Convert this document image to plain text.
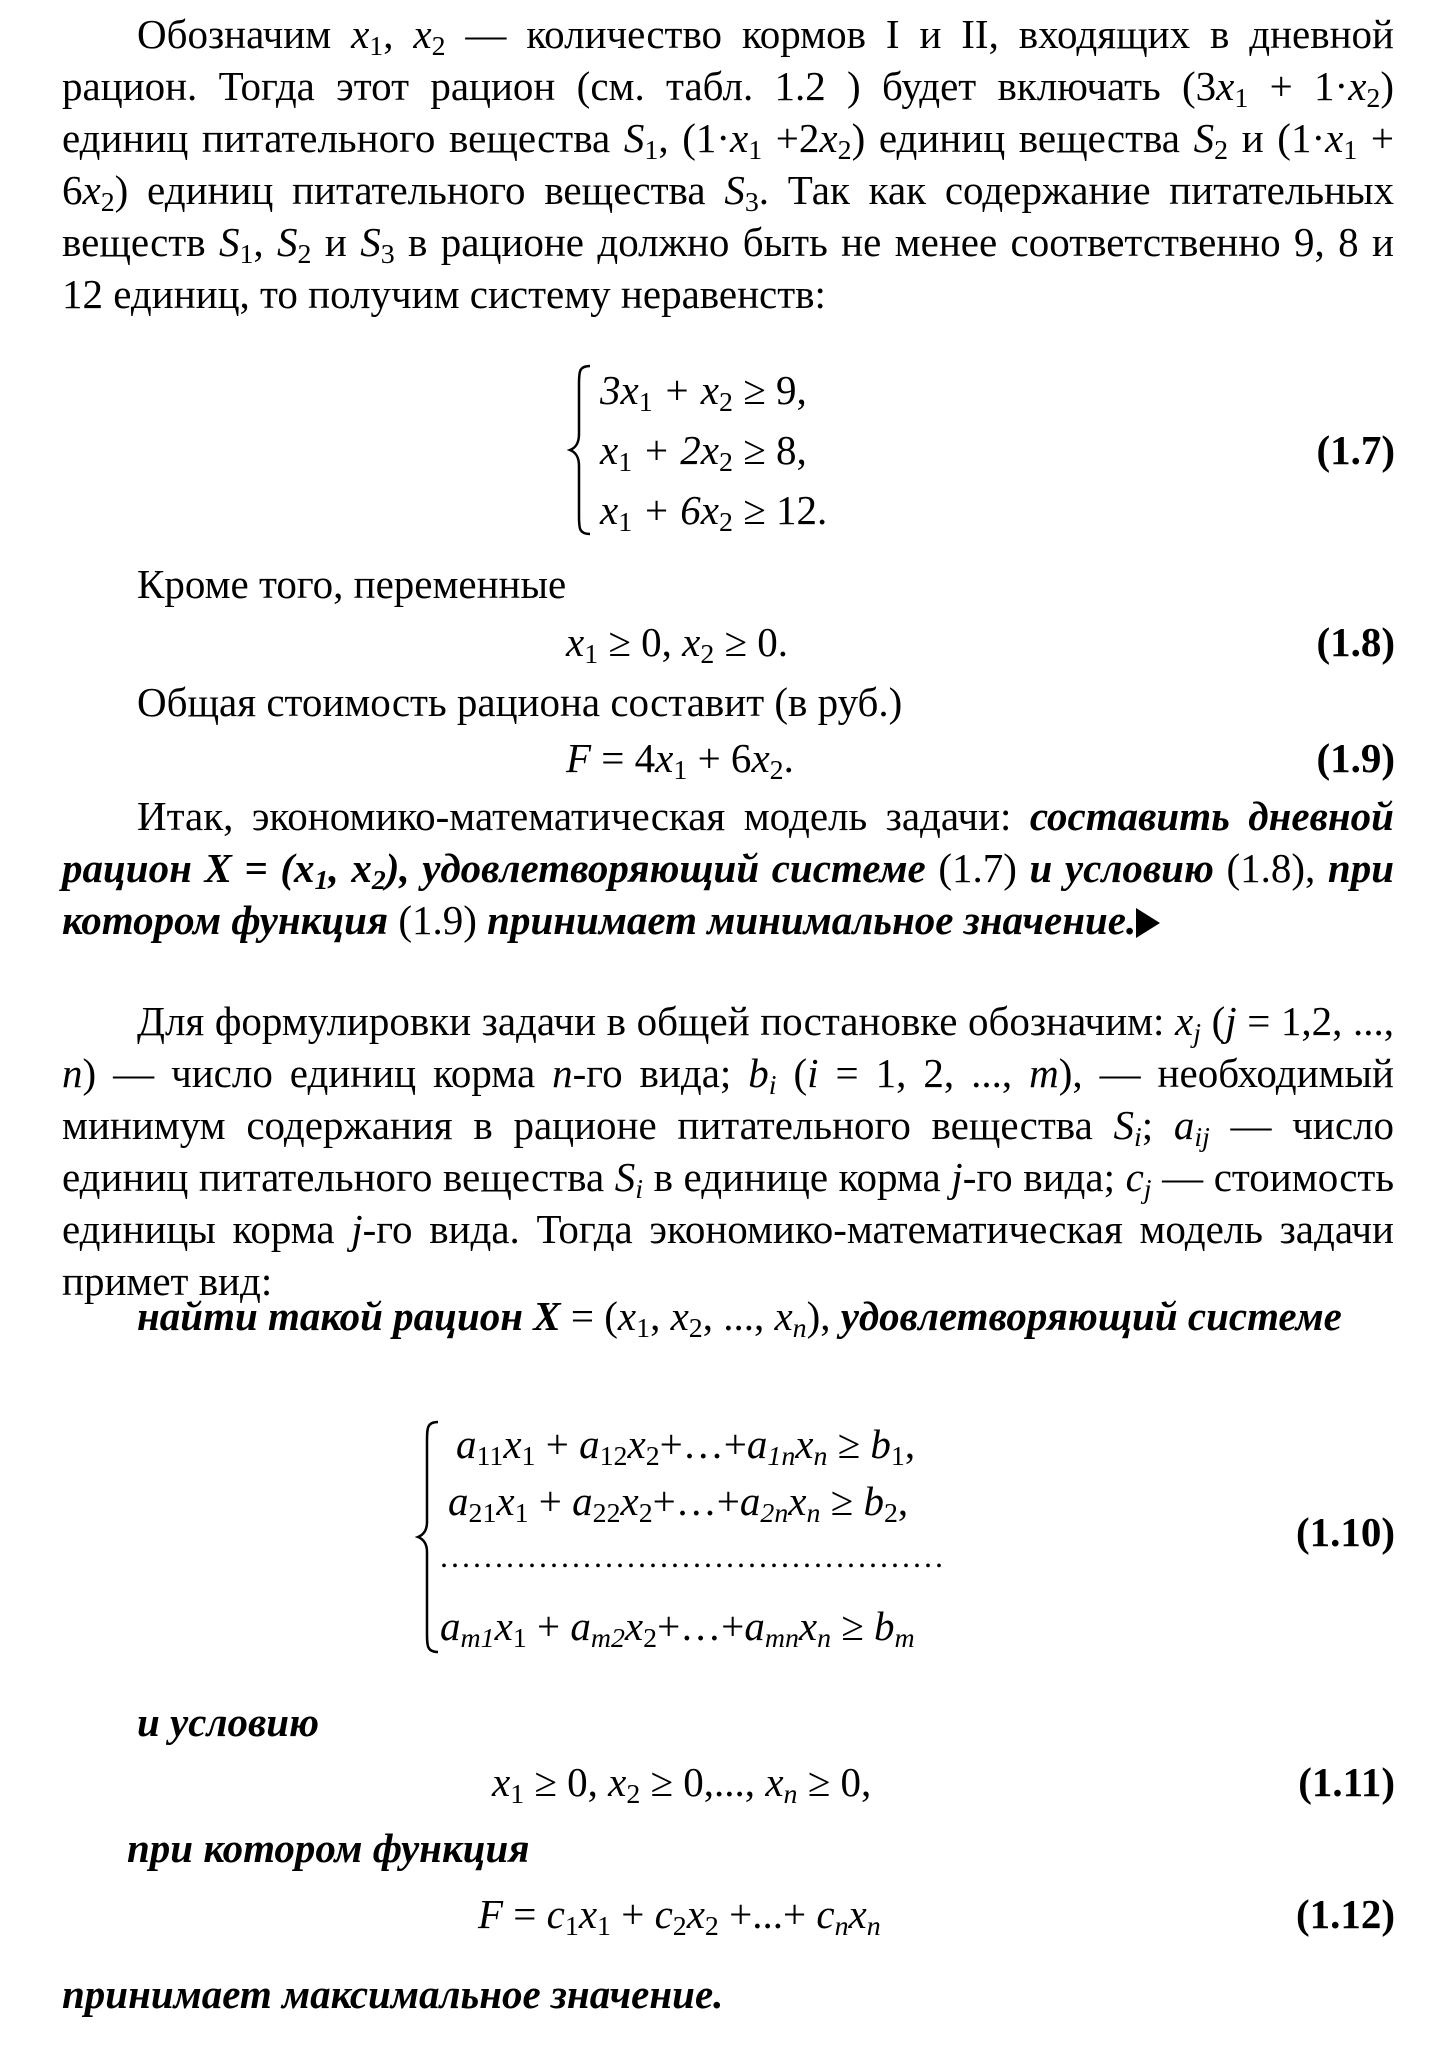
Обозначим $x_1$, $x_2$ — количество кормов I и II, входящих в дневной рацион. Тогда этот рацион (см. табл. 1.2 ) будет включать $(3x_1 + 1\cdot x_2)$ единиц питательного вещества $S_1$, $(1\cdot x_1 +2x_2)$ единиц вещества $S_2$ и $(1\cdot x_1 + 6x_2)$ единиц питательного вещества $S_3$. Так как содержание питательных веществ $S_1$, $S_2$ и $S_3$ в рационе должно быть не менее соответственно 9, 8 и 12 единиц, то получим систему неравенств:

$3x_1 + x_2 \ge 9$,
$x_1 + 2x_2 \ge 8$,
$x_1 + 6x_2 \ge 12$.
(1.7)
Кроме того, переменные
$x_1 \ge 0$, $x_2 \ge 0$.	(1.8)
Общая стоимость рациона составит (в руб.)
$F = 4x_1 + 6x_2$.	(1.9)

Итак, экономико-математическая модель задачи: составить дневной рацион $X = (x_1$, $x_2$), удовлетворяющий системе (1.7) и условию (1.8), при котором функция (1.9) принимает минимальное значение.

Для формулировки задачи в общей постановке обозначим: $x_j$ (j = 1,2, ..., n) — число единиц корма n-го вида; $b_i$ (i = 1, 2, ..., m), — необходимый минимум содержания в рационе питательного вещества $S_i$; $a_{ij}$ — число единиц питательного вещества $S_i$ в единице корма j-го вида; $c_j$ — стоимость единицы корма j-го вида. Тогда экономико-математическая модель задачи примет вид:

найти такой рацион $X = (x_1$, $x_2$, ..., $x_n$), удовлетворяющий системе

$a_{11}x_1$ + $a_{12}x_2+\dots+a_{1n}x_n \ge b_1$,
$a_{21}x_1$ + $a_{22}x_2+\dots+a_{2n}x_n \ge b_2$,
..............................................
$a_{m1}x_1$ + $a_{m2}x_2+\dots+a_{mn}x_n \ge b_m$
(1.10)
и условию
$x_1 \ge 0$, $x_2 \ge 0$,..., $x_n \ge 0$,	(1.11)
при котором функция
$F = c_1x_1 + c_2x_2$ +...+ $c_nx_n$	(1.12)
принимает максимальное значение.
